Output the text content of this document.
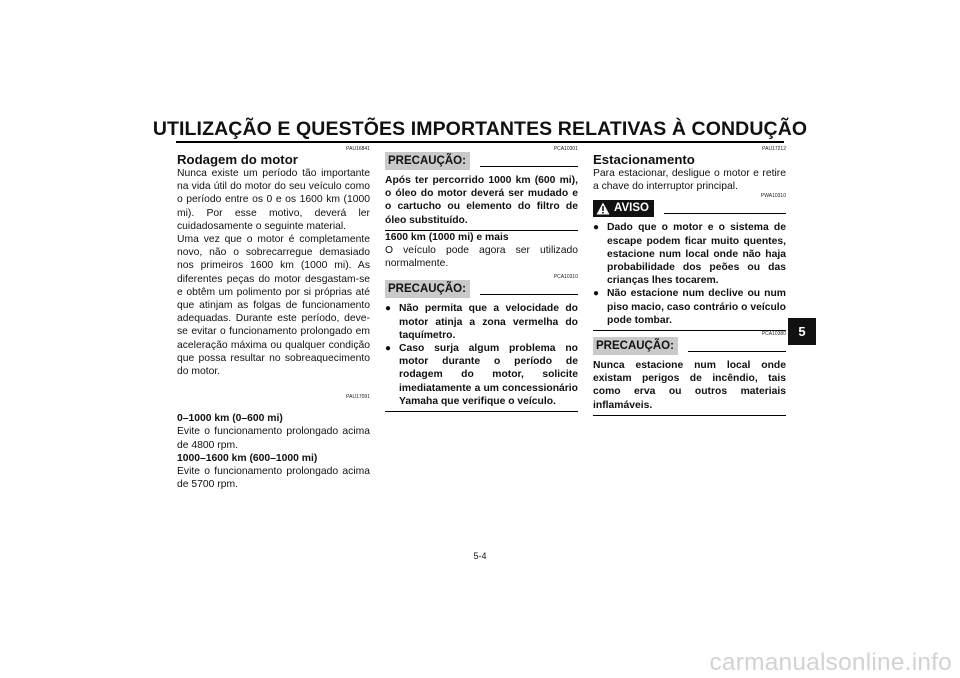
UTILIZAÇÃO E QUESTÕES IMPORTANTES RELATIVAS À CONDUÇÃO
5
PAU16841
Rodagem do motor
Nunca existe um período tão importante na vida útil do motor do seu veículo como o período entre os 0 e os 1600 km (1000 mi). Por esse motivo, deverá ler cuidadosamente o seguinte material.
Uma vez que o motor é completamente novo, não o sobrecarregue demasiado nos primeiros 1600 km (1000 mi). As diferentes peças do motor desgastam-se e obtêm um polimento por si próprias até que atinjam as folgas de funcionamento adequadas. Durante este período, deve-se evitar o funcionamento prolongado em aceleração máxima ou qualquer condição que possa resultar no sobreaquecimento do motor.
PAU17091
0–1000 km (0–600 mi)
Evite o funcionamento prolongado acima de 4800 rpm.
1000–1600 km (600–1000 mi)
Evite o funcionamento prolongado acima de 5700 rpm.
PCA10301
PRECAUÇÃO:
Após ter percorrido 1000 km (600 mi), o óleo do motor deverá ser mudado e o cartucho ou elemento do filtro de óleo substituído.
1600 km (1000 mi) e mais
O veículo pode agora ser utilizado normalmente.
PCA10310
PRECAUÇÃO:
● Não permita que a velocidade do motor atinja a zona vermelha do taquímetro.
● Caso surja algum problema no motor durante o período de rodagem do motor, solicite imediatamente a um concessionário Yamaha que verifique o veículo.
PAU17212
Estacionamento
Para estacionar, desligue o motor e retire a chave do interruptor principal.
PWA10310
AVISO
● Dado que o motor e o sistema de escape podem ficar muito quentes, estacione num local onde não haja probabilidade dos peões ou das crianças lhes tocarem.
● Não estacione num declive ou num piso macio, caso contrário o veículo pode tombar.
PCA10380
PRECAUÇÃO:
Nunca estacione num local onde existam perigos de incêndio, tais como erva ou outros materiais inflamáveis.
5-4
carmanualsonline.info
